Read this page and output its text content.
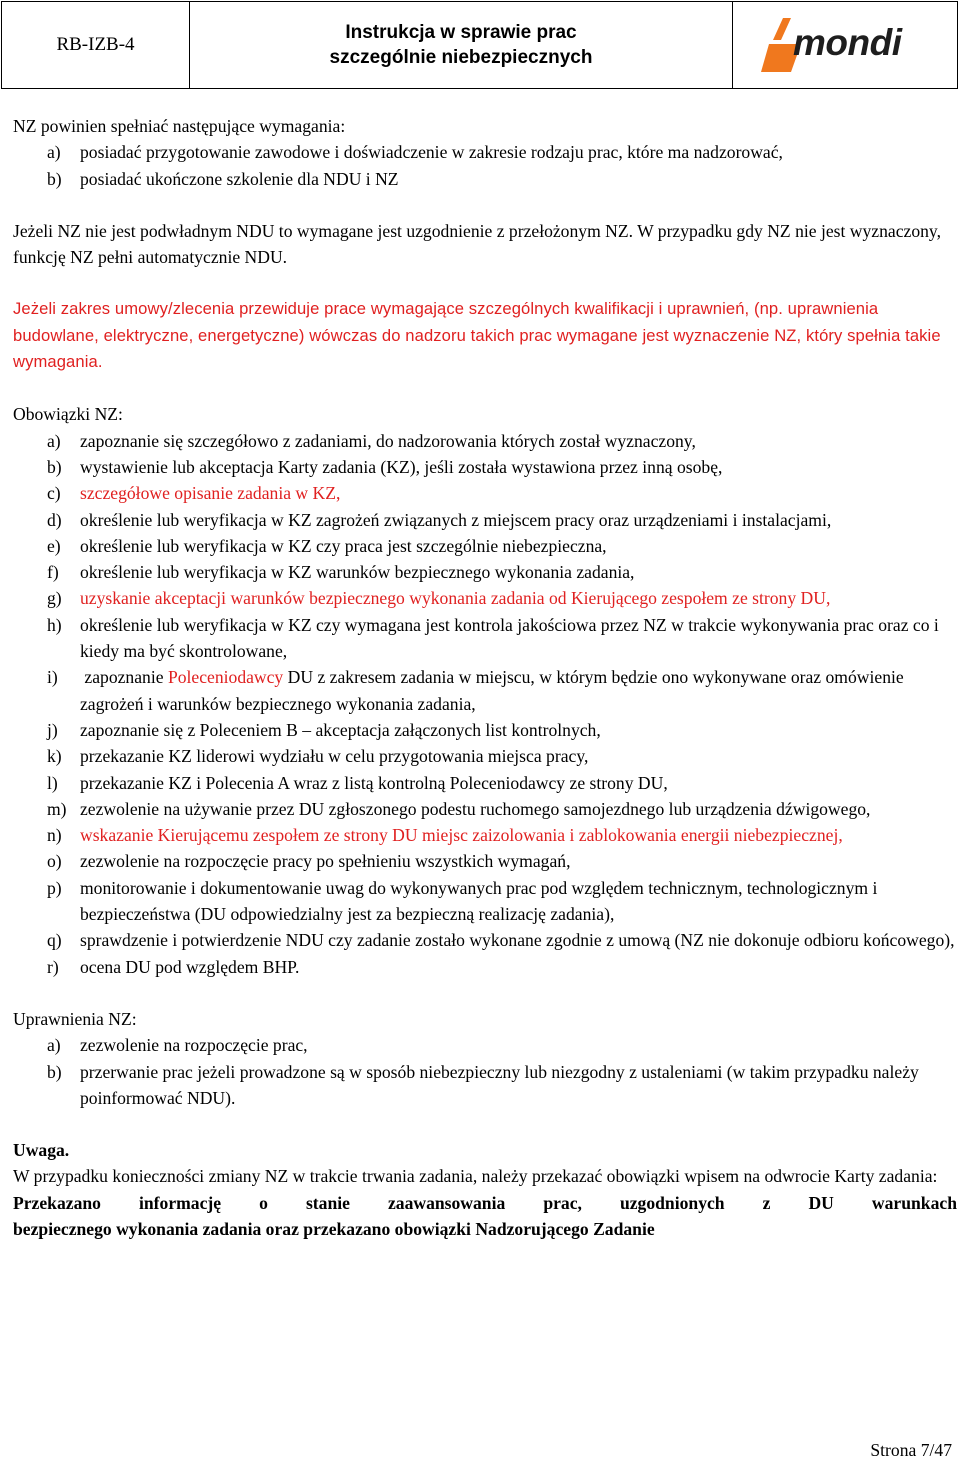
RB-IZB-4	
Instrukcja w sprawie prac
szczególnie niebezpiecznych	mondi

NZ powinien spełniać następujące wymagania:

a) posiadać przygotowanie zawodowe i doświadczenie w zakresie rodzaju prac, które ma nadzorować,
b) posiadać ukończone szkolenie dla NDU i NZ

Jeżeli NZ nie jest podwładnym NDU to wymagane jest uzgodnienie z przełożonym NZ. W przypadku gdy NZ nie jest wyznaczony, funkcję NZ pełni automatycznie NDU.

Jeżeli zakres umowy/zlecenia przewiduje prace wymagające szczególnych kwalifikacji i uprawnień, (np. uprawnienia budowlane, elektryczne, energetyczne) wówczas do nadzoru takich prac wymagane jest wyznaczenie NZ, który spełnia takie wymagania.

Obowiązki NZ:

a) zapoznanie się szczegółowo z zadaniami, do nadzorowania których został wyznaczony,
b) wystawienie lub akceptacja Karty zadania (KZ), jeśli została wystawiona przez inną osobę,
c) szczegółowe opisanie zadania w KZ,
d) określenie lub weryfikacja w KZ zagrożeń związanych z miejscem pracy oraz urządzeniami i instalacjami,
e) określenie lub weryfikacja w KZ czy praca jest szczególnie niebezpieczna,
f) określenie lub weryfikacja w KZ warunków bezpiecznego wykonania zadania,
g) uzyskanie akceptacji warunków bezpiecznego wykonania zadania od Kierującego zespołem ze strony DU,
h) określenie lub weryfikacja w KZ czy wymagana jest kontrola jakościowa przez NZ w trakcie wykonywania prac oraz co i kiedy ma być skontrolowane,
i) zapoznanie Poleceniodawcy DU z zakresem zadania w miejscu, w którym będzie ono wykonywane oraz omówienie zagrożeń i warunków bezpiecznego wykonania zadania,
j) zapoznanie się z Poleceniem B – akceptacja załączonych list kontrolnych,
k) przekazanie KZ liderowi wydziału w celu przygotowania miejsca pracy,
l) przekazanie KZ i Polecenia A wraz z listą kontrolną Poleceniodawcy ze strony DU,
m) zezwolenie na używanie przez DU zgłoszonego podestu ruchomego samojezdnego lub urządzenia dźwigowego,
n) wskazanie Kierującemu zespołem ze strony DU miejsc zaizolowania i zablokowania energii niebezpiecznej,
o) zezwolenie na rozpoczęcie pracy po spełnieniu wszystkich wymagań,
p) monitorowanie i dokumentowanie uwag do wykonywanych prac pod względem technicznym, technologicznym i bezpieczeństwa (DU odpowiedzialny jest za bezpieczną realizację zadania),
q) sprawdzenie i potwierdzenie NDU czy zadanie zostało wykonane zgodnie z umową (NZ nie dokonuje odbioru końcowego),
r) ocena DU pod względem BHP.

Uprawnienia NZ:

a) zezwolenie na rozpoczęcie prac,
b) przerwanie prac jeżeli prowadzone są w sposób niebezpieczny lub niezgodny z ustaleniami (w takim przypadku należy poinformować NDU).

Uwaga.

W przypadku konieczności zmiany NZ w trakcie trwania zadania, należy przekazać obowiązki wpisem na odwrocie Karty zadania:

Przekazano informację o stanie zaawansowania prac, uzgodnionych z DU warunkach

bezpiecznego wykonania zadania oraz przekazano obowiązki Nadzorującego Zadanie

Strona 7/47
